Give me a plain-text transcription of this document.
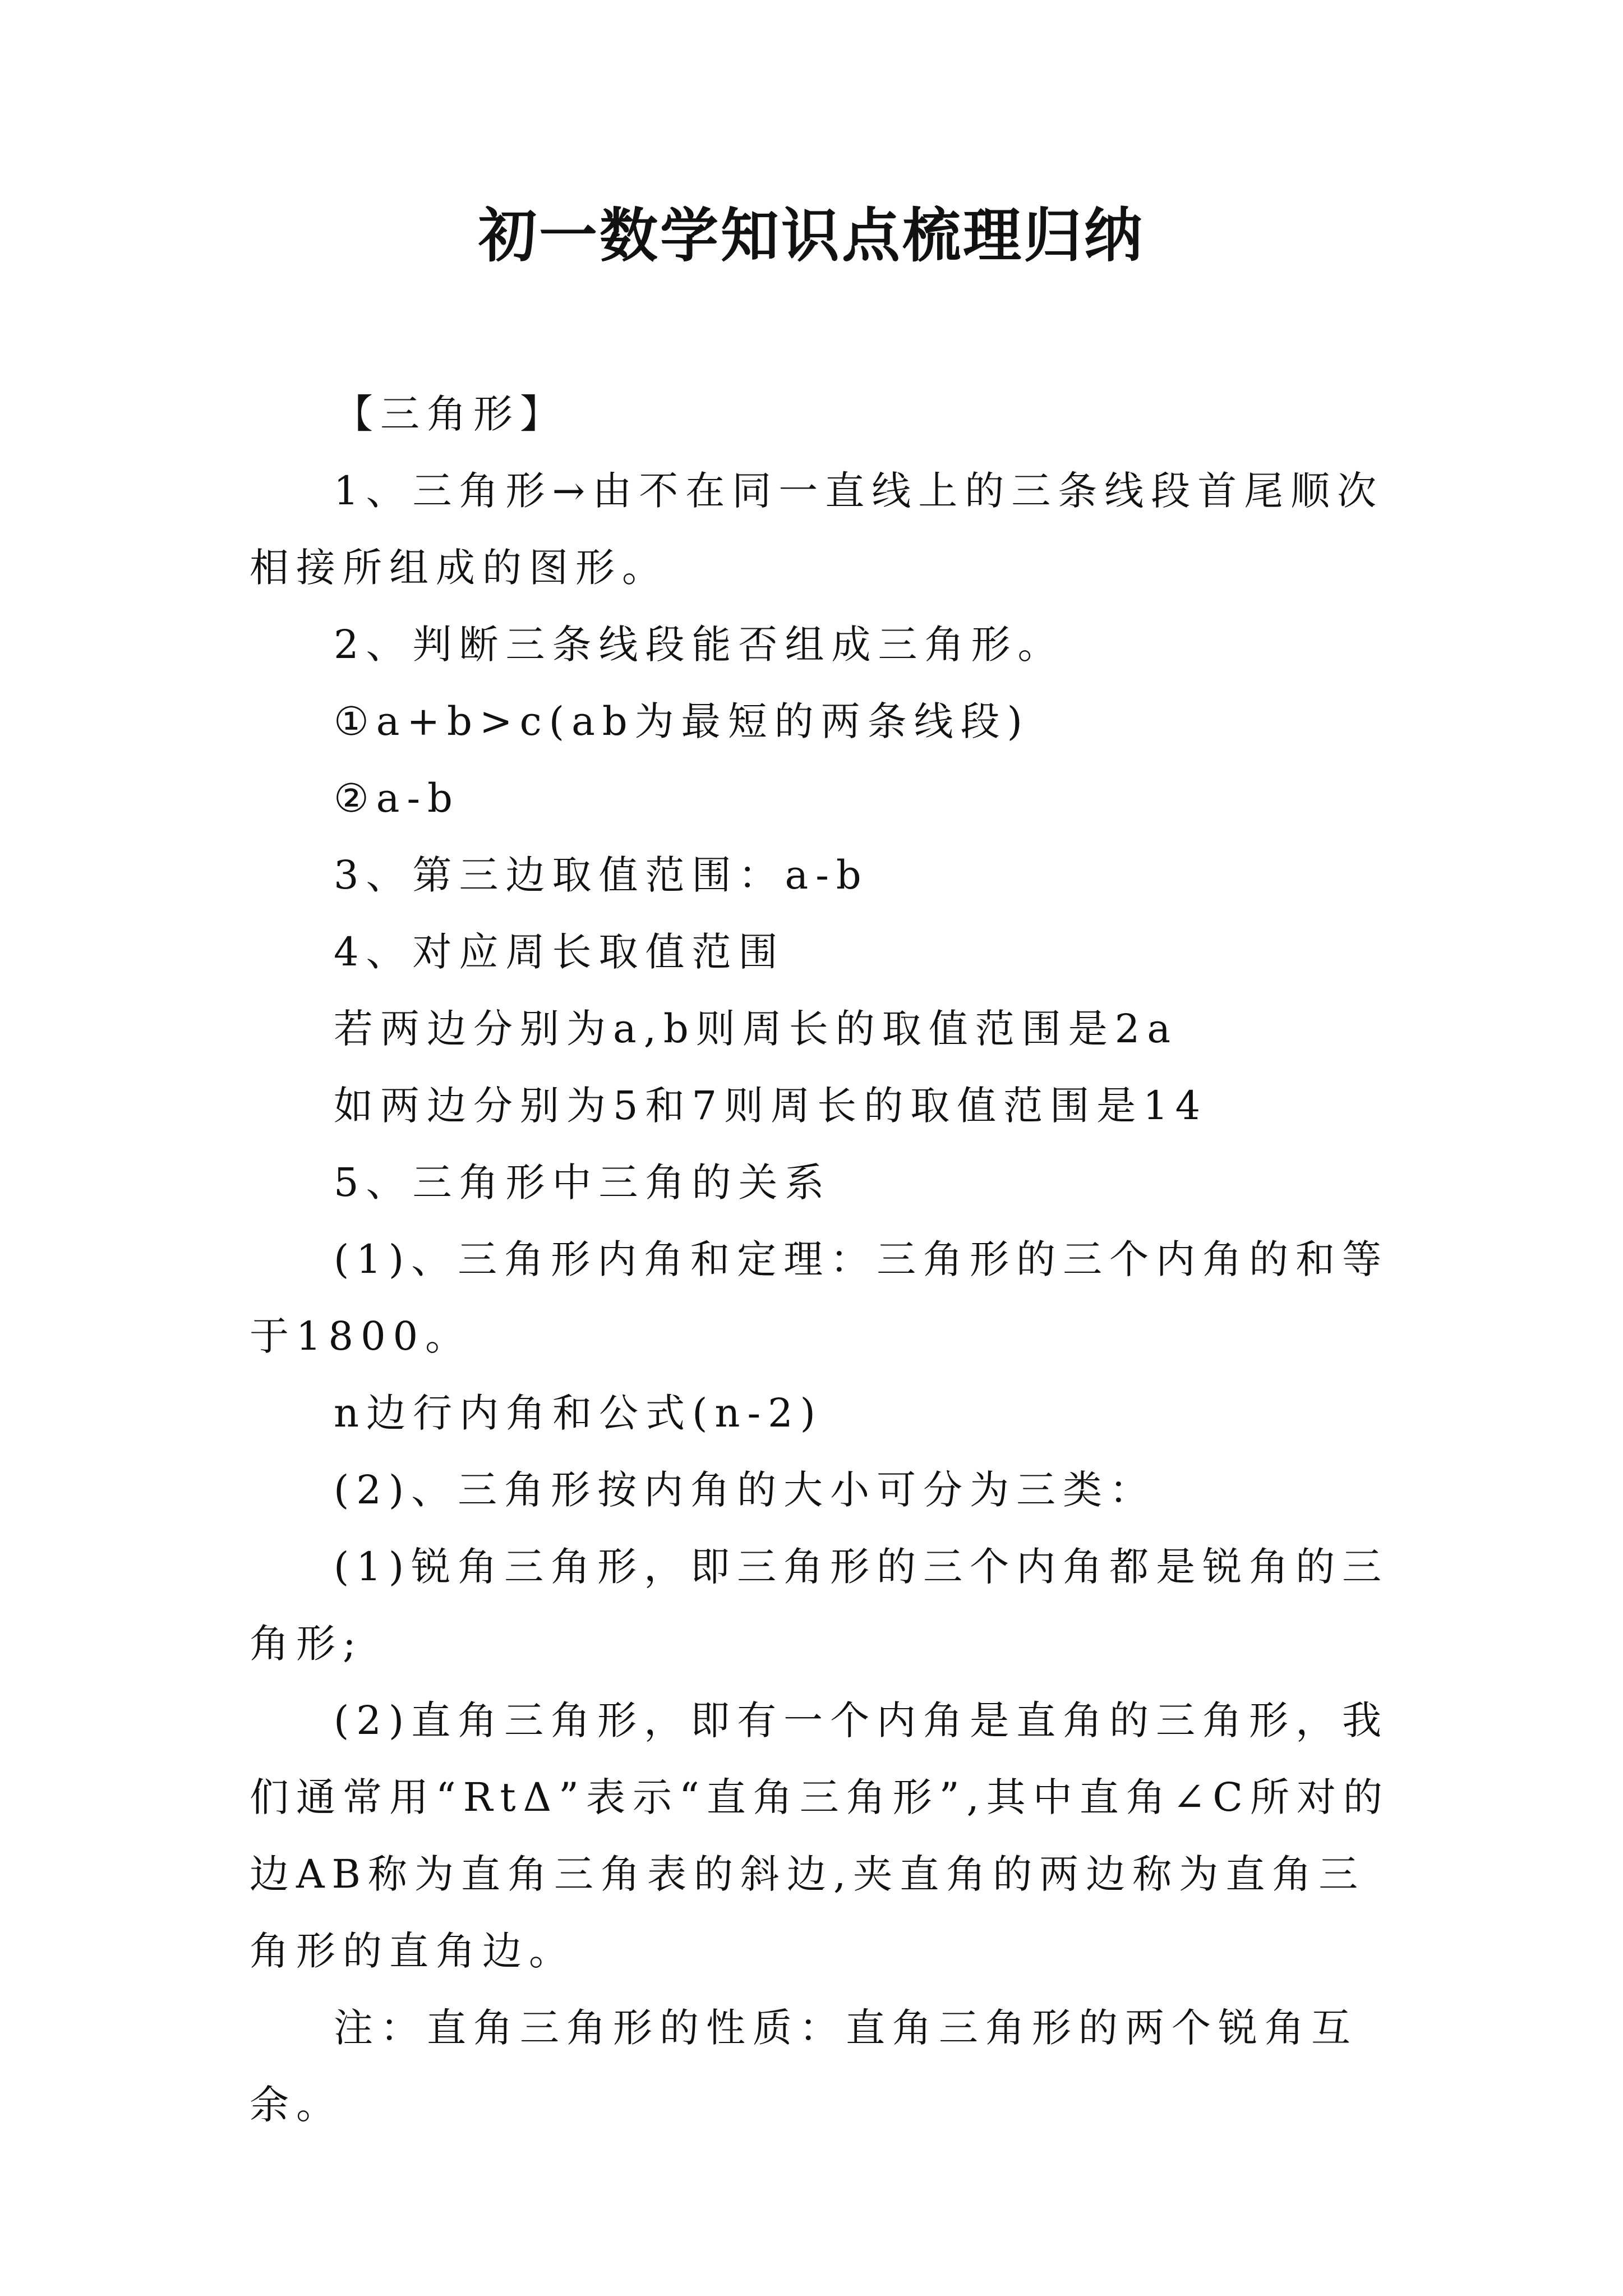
初一数学知识点梳理归纳

【三角形】

1、三角形→由不在同一直线上的三条线段首尾顺次相接所组成的图形。

2、判断三条线段能否组成三角形。

①a+b>c(ab为最短的两条线段)

②a-b

3、第三边取值范围：a-b

4、对应周长取值范围

若两边分别为a,b则周长的取值范围是2a

如两边分别为5和7则周长的取值范围是14

5、三角形中三角的关系

(1)、三角形内角和定理：三角形的三个内角的和等于1800。

n边行内角和公式(n-2)

(2)、三角形按内角的大小可分为三类：

(1)锐角三角形，即三角形的三个内角都是锐角的三角形;

(2)直角三角形，即有一个内角是直角的三角形，我们通常用“RtΔ”表示“直角三角形”,其中直角∠C所对的边AB称为直角三角表的斜边,夹直角的两边称为直角三角形的直角边。

注：直角三角形的性质：直角三角形的两个锐角互余。
